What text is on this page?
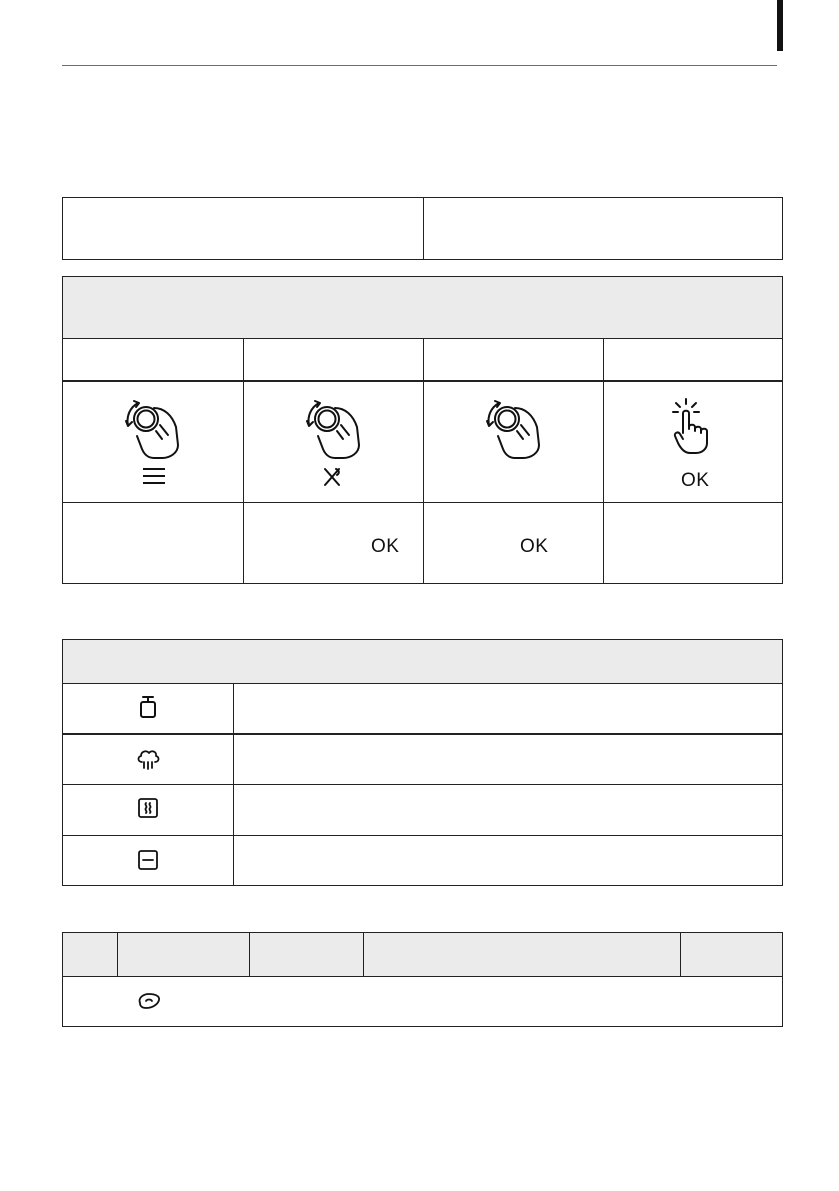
OK
OK	OK
